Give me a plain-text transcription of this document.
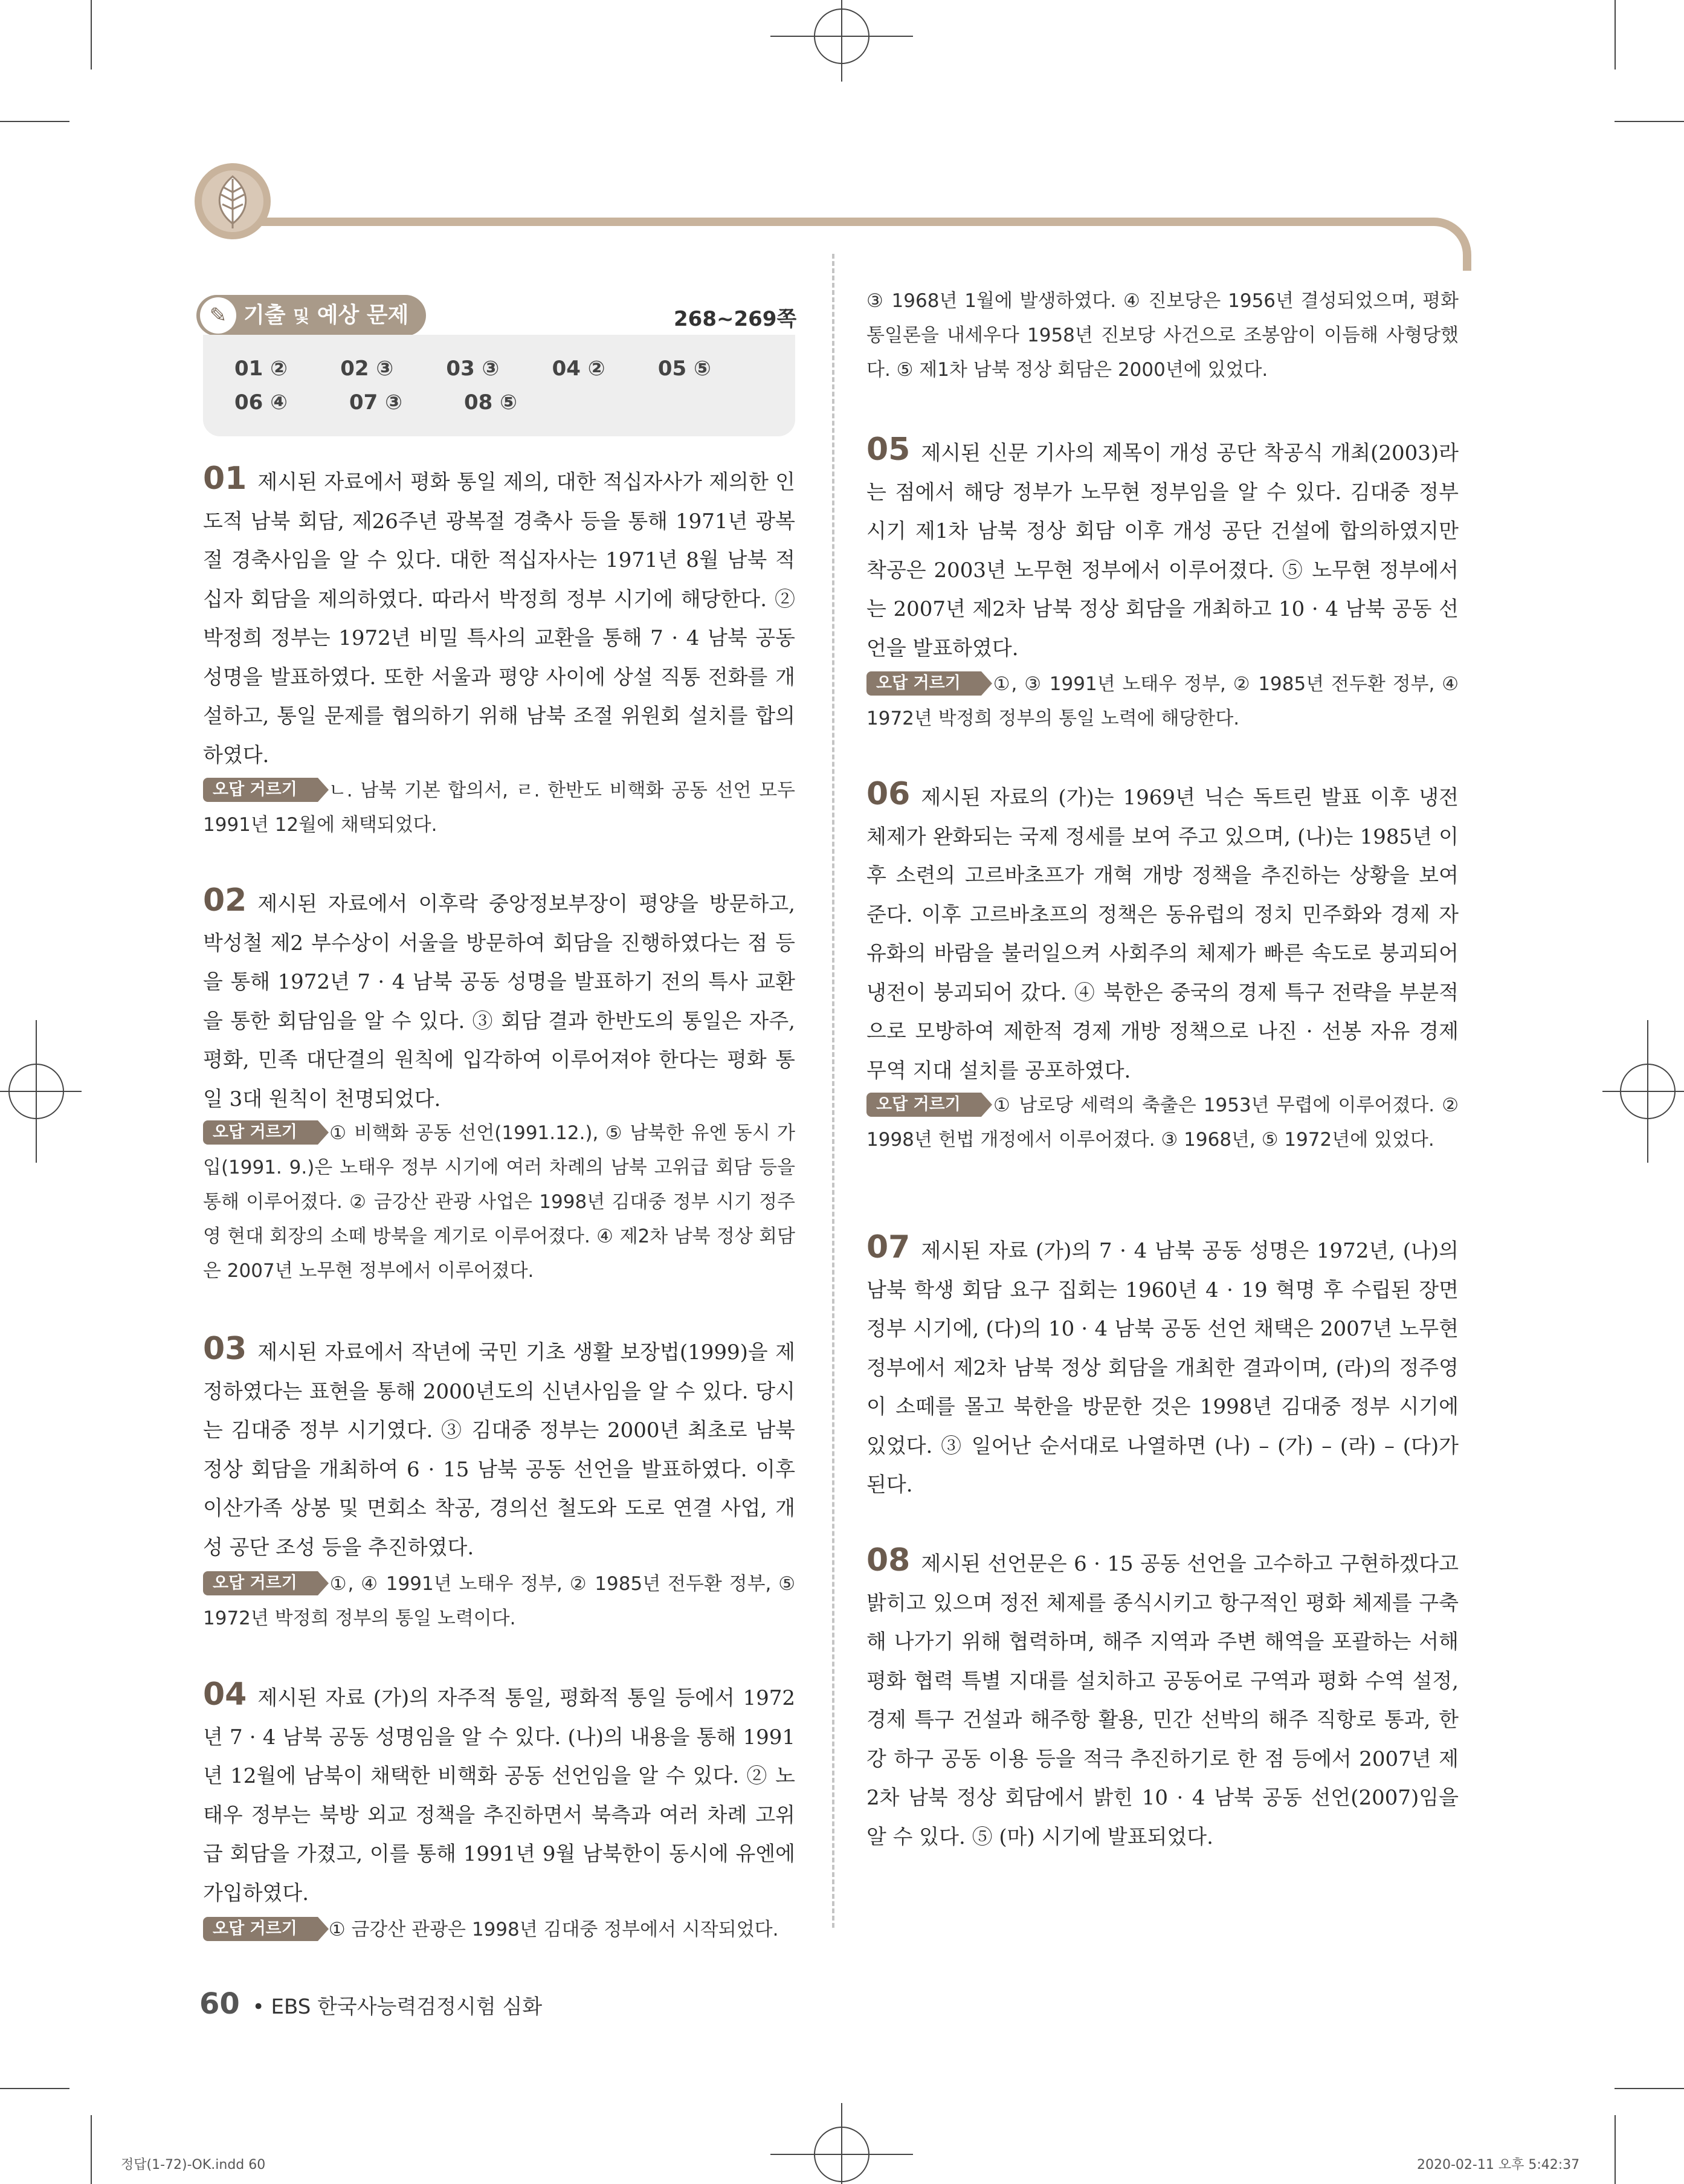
✎ 기출 및 예상 문제	268~269쪽
01 ②	02 ③	03 ③	04 ②	05 ⑤
06 ④	07 ③	08 ⑤
01 제시된 자료에서 평화 통일 제의, 대한 적십자사가 제의한 인도적 남북 회담, 제26주년 광복절 경축사 등을 통해 1971년 광복절 경축사임을 알 수 있다. 대한 적십자사는 1971년 8월 남북 적십자 회담을 제의하였다. 따라서 박정희 정부 시기에 해당한다. ② 박정희 정부는 1972년 비밀 특사의 교환을 통해 7 · 4 남북 공동 성명을 발표하였다. 또한 서울과 평양 사이에 상설 직통 전화를 개설하고, 통일 문제를 협의하기 위해 남북 조절 위원회 설치를 합의하였다.
오답 거르기 ㄴ. 남북 기본 합의서, ㄹ. 한반도 비핵화 공동 선언 모두 1991년 12월에 채택되었다.
02 제시된 자료에서 이후락 중앙정보부장이 평양을 방문하고, 박성철 제2 부수상이 서울을 방문하여 회담을 진행하였다는 점 등을 통해 1972년 7 · 4 남북 공동 성명을 발표하기 전의 특사 교환을 통한 회담임을 알 수 있다. ③ 회담 결과 한반도의 통일은 자주, 평화, 민족 대단결의 원칙에 입각하여 이루어져야 한다는 평화 통일 3대 원칙이 천명되었다.
오답 거르기 ① 비핵화 공동 선언(1991.12.), ⑤ 남북한 유엔 동시 가입(1991. 9.)은 노태우 정부 시기에 여러 차례의 남북 고위급 회담 등을 통해 이루어졌다. ② 금강산 관광 사업은 1998년 김대중 정부 시기 정주영 현대 회장의 소떼 방북을 계기로 이루어졌다. ④ 제2차 남북 정상 회담은 2007년 노무현 정부에서 이루어졌다.
03 제시된 자료에서 작년에 국민 기초 생활 보장법(1999)을 제정하였다는 표현을 통해 2000년도의 신년사임을 알 수 있다. 당시는 김대중 정부 시기였다. ③ 김대중 정부는 2000년 최초로 남북 정상 회담을 개최하여 6 · 15 남북 공동 선언을 발표하였다. 이후 이산가족 상봉 및 면회소 착공, 경의선 철도와 도로 연결 사업, 개성 공단 조성 등을 추진하였다.
오답 거르기 ①, ④ 1991년 노태우 정부, ② 1985년 전두환 정부, ⑤ 1972년 박정희 정부의 통일 노력이다.
04 제시된 자료 (가)의 자주적 통일, 평화적 통일 등에서 1972년 7 · 4 남북 공동 성명임을 알 수 있다. (나)의 내용을 통해 1991년 12월에 남북이 채택한 비핵화 공동 선언임을 알 수 있다. ② 노태우 정부는 북방 외교 정책을 추진하면서 북측과 여러 차례 고위급 회담을 가졌고, 이를 통해 1991년 9월 남북한이 동시에 유엔에 가입하였다.
오답 거르기 ① 금강산 관광은 1998년 김대중 정부에서 시작되었다.
③ 1968년 1월에 발생하였다. ④ 진보당은 1956년 결성되었으며, 평화 통일론을 내세우다 1958년 진보당 사건으로 조봉암이 이듬해 사형당했다. ⑤ 제1차 남북 정상 회담은 2000년에 있었다.
05 제시된 신문 기사의 제목이 개성 공단 착공식 개최(2003)라는 점에서 해당 정부가 노무현 정부임을 알 수 있다. 김대중 정부 시기 제1차 남북 정상 회담 이후 개성 공단 건설에 합의하였지만 착공은 2003년 노무현 정부에서 이루어졌다. ⑤ 노무현 정부에서는 2007년 제2차 남북 정상 회담을 개최하고 10 · 4 남북 공동 선언을 발표하였다.
오답 거르기 ①, ③ 1991년 노태우 정부, ② 1985년 전두환 정부, ④ 1972년 박정희 정부의 통일 노력에 해당한다.
06 제시된 자료의 (가)는 1969년 닉슨 독트린 발표 이후 냉전 체제가 완화되는 국제 정세를 보여 주고 있으며, (나)는 1985년 이후 소련의 고르바초프가 개혁 개방 정책을 추진하는 상황을 보여 준다. 이후 고르바초프의 정책은 동유럽의 정치 민주화와 경제 자유화의 바람을 불러일으켜 사회주의 체제가 빠른 속도로 붕괴되어 냉전이 붕괴되어 갔다. ④ 북한은 중국의 경제 특구 전략을 부분적으로 모방하여 제한적 경제 개방 정책으로 나진 · 선봉 자유 경제 무역 지대 설치를 공포하였다.
오답 거르기 ① 남로당 세력의 축출은 1953년 무렵에 이루어졌다. ② 1998년 헌법 개정에서 이루어졌다. ③ 1968년, ⑤ 1972년에 있었다.
07 제시된 자료 (가)의 7 · 4 남북 공동 성명은 1972년, (나)의 남북 학생 회담 요구 집회는 1960년 4 · 19 혁명 후 수립된 장면 정부 시기에, (다)의 10 · 4 남북 공동 선언 채택은 2007년 노무현 정부에서 제2차 남북 정상 회담을 개최한 결과이며, (라)의 정주영이 소떼를 몰고 북한을 방문한 것은 1998년 김대중 정부 시기에 있었다. ③ 일어난 순서대로 나열하면 (나) – (가) – (라) – (다)가 된다.
08 제시된 선언문은 6 · 15 공동 선언을 고수하고 구현하겠다고 밝히고 있으며 정전 체제를 종식시키고 항구적인 평화 체제를 구축해 나가기 위해 협력하며, 해주 지역과 주변 해역을 포괄하는 서해 평화 협력 특별 지대를 설치하고 공동어로 구역과 평화 수역 설정, 경제 특구 건설과 해주항 활용, 민간 선박의 해주 직항로 통과, 한강 하구 공동 이용 등을 적극 추진하기로 한 점 등에서 2007년 제2차 남북 정상 회담에서 밝힌 10 · 4 남북 공동 선언(2007)임을 알 수 있다. ⑤ (마) 시기에 발표되었다.
60 • EBS 한국사능력검정시험 심화
정답(1-72)-OK.indd 60	2020-02-11 오후 5:42:37
